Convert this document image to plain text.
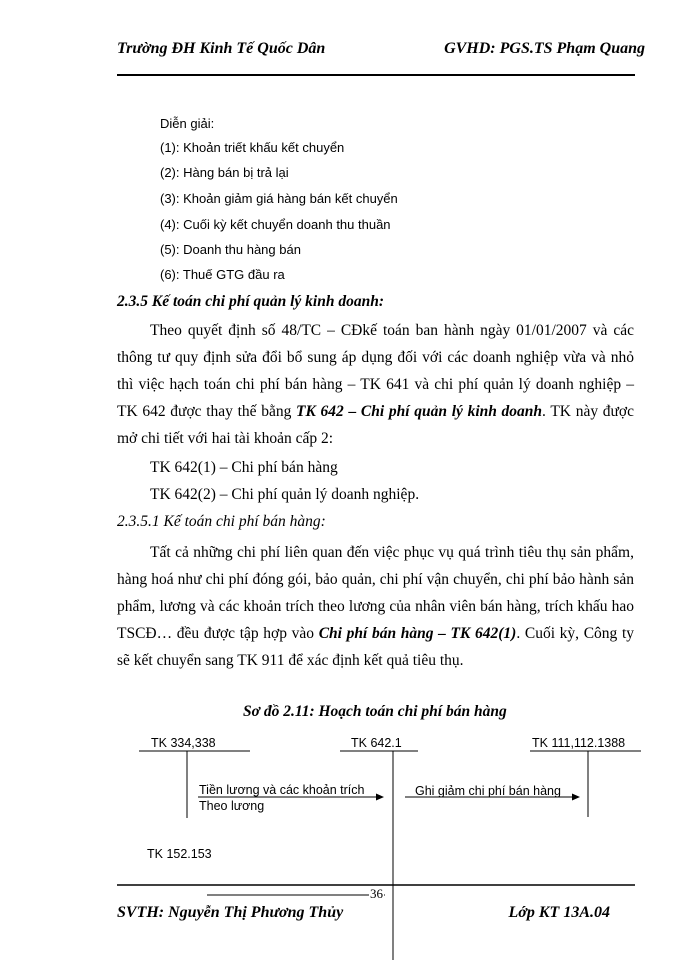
Trường ĐH Kinh Tế Quốc Dân	GVHD: PGS.TS Phạm Quang
Diễn giải:
(1): Khoản triết khấu kết chuyển
(2): Hàng bán bị trả lại
(3): Khoản giảm giá hàng bán kết chuyển
(4): Cuối kỳ kết chuyển doanh thu thuần
(5): Doanh thu hàng bán
(6): Thuế GTG đầu ra
2.3.5 Kế toán chi phí quản lý kinh doanh:
Theo quyết định số 48/TC – CĐkế toán ban hành ngày 01/01/2007 và các thông tư quy định sửa đổi bổ sung áp dụng đối với các doanh nghiệp vừa và nhỏ thì việc hạch toán chi phí bán hàng – TK 641 và chi phí quản lý doanh nghiệp – TK 642 được thay thế bằng TK 642 – Chi phí quản lý kinh doanh. TK này được mở chi tiết với hai tài khoản cấp 2:
TK 642(1) – Chi phí bán hàng
TK 642(2) – Chi phí quản lý doanh nghiệp.
2.3.5.1 Kế toán chi phí bán hàng:
Tất cả những chi phí liên quan đến việc phục vụ quá trình tiêu thụ sản phẩm, hàng hoá như chi phí đóng gói, bảo quản, chi phí vận chuyển, chi phí bảo hành sản phẩm, lương và các khoản trích theo lương của nhân viên bán hàng, trích khấu hao TSCĐ… đều được tập hợp vào Chi phí bán hàng – TK 642(1). Cuối kỳ, Công ty sẽ kết chuyển sang TK 911 để xác định kết quả tiêu thụ.
Sơ đồ 2.11: Hoạch toán chi phí bán hàng
TK 334,338	TK 642.1	TK 111,112.1388
Tiền lương và các khoản trích
Theo lương
Ghi giảm chi phí bán hàng
TK 152.153
36
SVTH: Nguyễn Thị Phương Thủy	Lớp KT 13A.04
